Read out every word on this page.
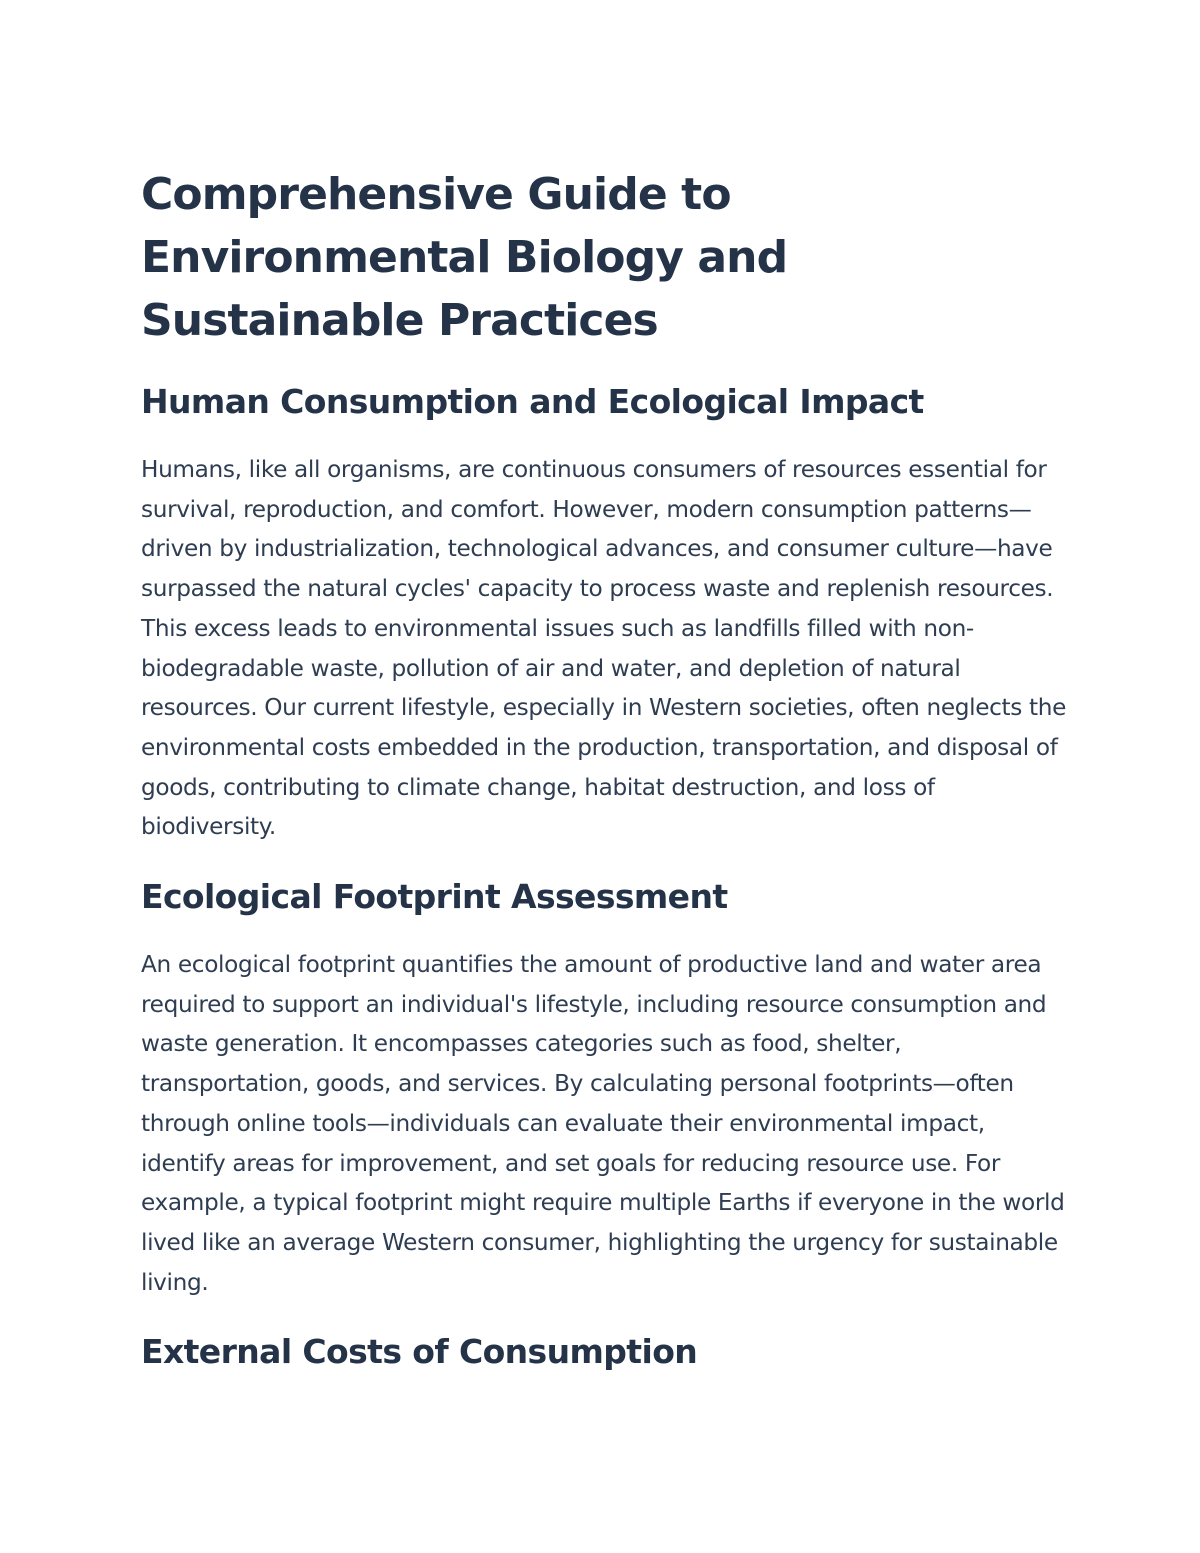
Comprehensive Guide to Environmental Biology and Sustainable Practices
Human Consumption and Ecological Impact

Humans, like all organisms, are continuous consumers of resources essential for survival, reproduction, and comfort. However, modern consumption patterns—driven by industrialization, technological advances, and consumer culture—have surpassed the natural cycles' capacity to process waste and replenish resources. This excess leads to environmental issues such as landfills filled with non-biodegradable waste, pollution of air and water, and depletion of natural resources. Our current lifestyle, especially in Western societies, often neglects the environmental costs embedded in the production, transportation, and disposal of goods, contributing to climate change, habitat destruction, and loss of biodiversity.

Ecological Footprint Assessment

An ecological footprint quantifies the amount of productive land and water area required to support an individual's lifestyle, including resource consumption and waste generation. It encompasses categories such as food, shelter, transportation, goods, and services. By calculating personal footprints—often through online tools—individuals can evaluate their environmental impact, identify areas for improvement, and set goals for reducing resource use. For example, a typical footprint might require multiple Earths if everyone in the world lived like an average Western consumer, highlighting the urgency for sustainable living.

External Costs of Consumption
